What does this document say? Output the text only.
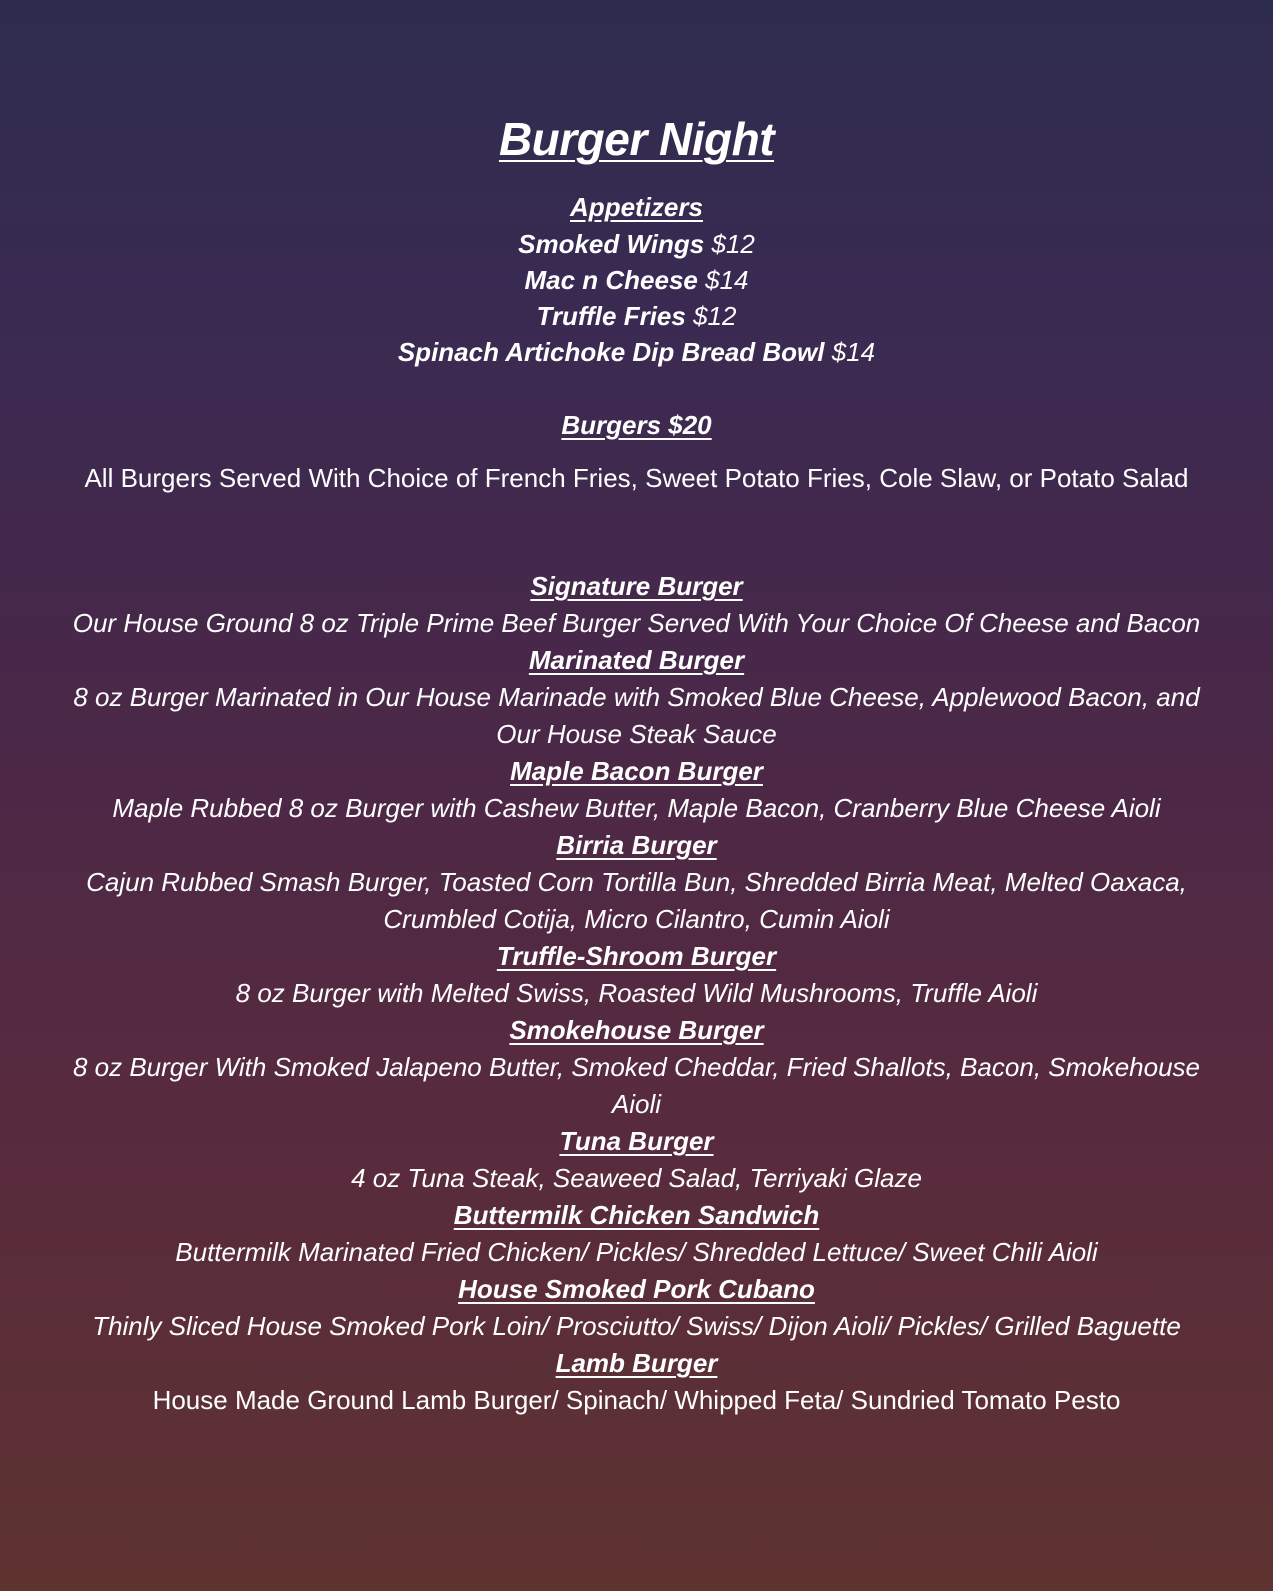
Burger Night

Appetizers

Smoked Wings $12

Mac n Cheese $14

Truffle Fries $12

Spinach Artichoke Dip Bread Bowl $14

Burgers $20

All Burgers Served With Choice of French Fries, Sweet Potato Fries, Cole Slaw, or Potato Salad

Signature Burger

Our House Ground 8 oz Triple Prime Beef Burger Served With Your Choice Of Cheese and Bacon

Marinated Burger

8 oz Burger Marinated in Our House Marinade with Smoked Blue Cheese, Applewood Bacon, and Our House Steak Sauce

Maple Bacon Burger

Maple Rubbed 8 oz Burger with Cashew Butter, Maple Bacon, Cranberry Blue Cheese Aioli

Birria Burger

Cajun Rubbed Smash Burger, Toasted Corn Tortilla Bun, Shredded Birria Meat, Melted Oaxaca, Crumbled Cotija, Micro Cilantro, Cumin Aioli

Truffle-Shroom Burger

8 oz Burger with Melted Swiss, Roasted Wild Mushrooms, Truffle Aioli

Smokehouse Burger

8 oz Burger With Smoked Jalapeno Butter, Smoked Cheddar, Fried Shallots, Bacon, Smokehouse Aioli

Tuna Burger

4 oz Tuna Steak, Seaweed Salad, Terriyaki Glaze

Buttermilk Chicken Sandwich

Buttermilk Marinated Fried Chicken/ Pickles/ Shredded Lettuce/ Sweet Chili Aioli

House Smoked Pork Cubano

Thinly Sliced House Smoked Pork Loin/ Prosciutto/ Swiss/ Dijon Aioli/ Pickles/ Grilled Baguette

Lamb Burger

House Made Ground Lamb Burger/ Spinach/ Whipped Feta/ Sundried Tomato Pesto
